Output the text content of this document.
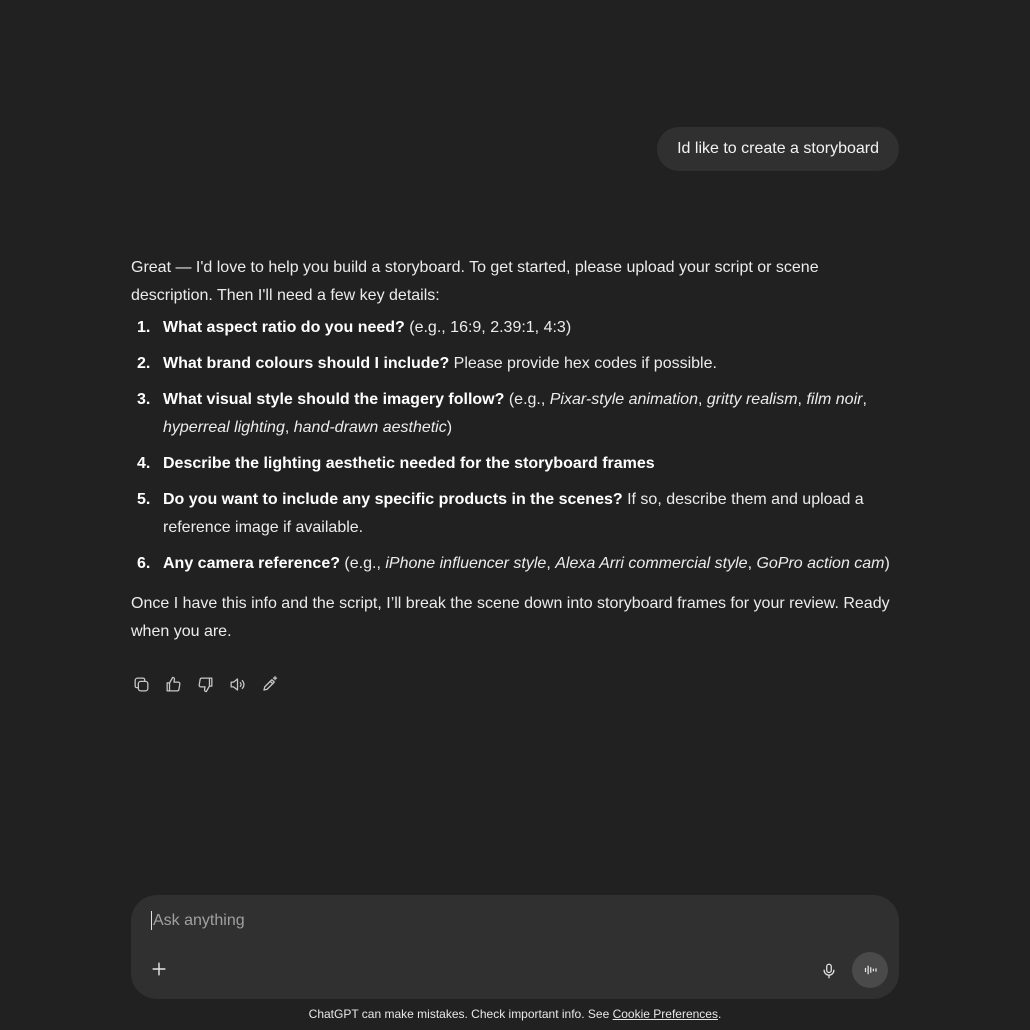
Id like to create a storyboard

Great — I'd love to help you build a storyboard. To get started, please upload your script or scene description. Then I'll need a few key details:

1. What aspect ratio do you need? (e.g., 16:9, 2.39:1, 4:3)
2. What brand colours should I include? Please provide hex codes if possible.
3. What visual style should the imagery follow? (e.g., Pixar-style animation, gritty realism, film noir, hyperreal lighting, hand-drawn aesthetic)
4. Describe the lighting aesthetic needed for the storyboard frames
5. Do you want to include any specific products in the scenes? If so, describe them and upload a reference image if available.
6. Any camera reference? (e.g., iPhone influencer style, Alexa Arri commercial style, GoPro action cam)

Once I have this info and the script, I’ll break the scene down into storyboard frames for your review. Ready when you are.

Ask anything
ChatGPT can make mistakes. Check important info. See Cookie Preferences.
